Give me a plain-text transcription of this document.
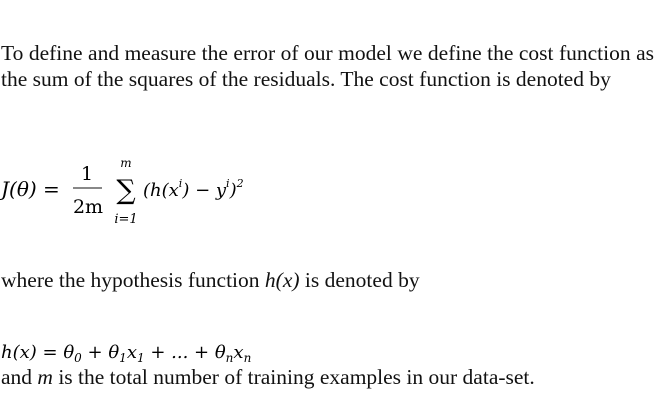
To define and measure the error of our model we define the cost function as the sum of the squares of the residuals. The cost function is denoted by
J(θ) =
1
2m
m
∑
i=1
$(h(x^i) - y^i)^2$
where the hypothesis function h(x) is denoted by
$h(x) = \theta_0 + \theta_1x_1$ + ... + $\theta_nx_n$
and m is the total number of training examples in our data-set.
